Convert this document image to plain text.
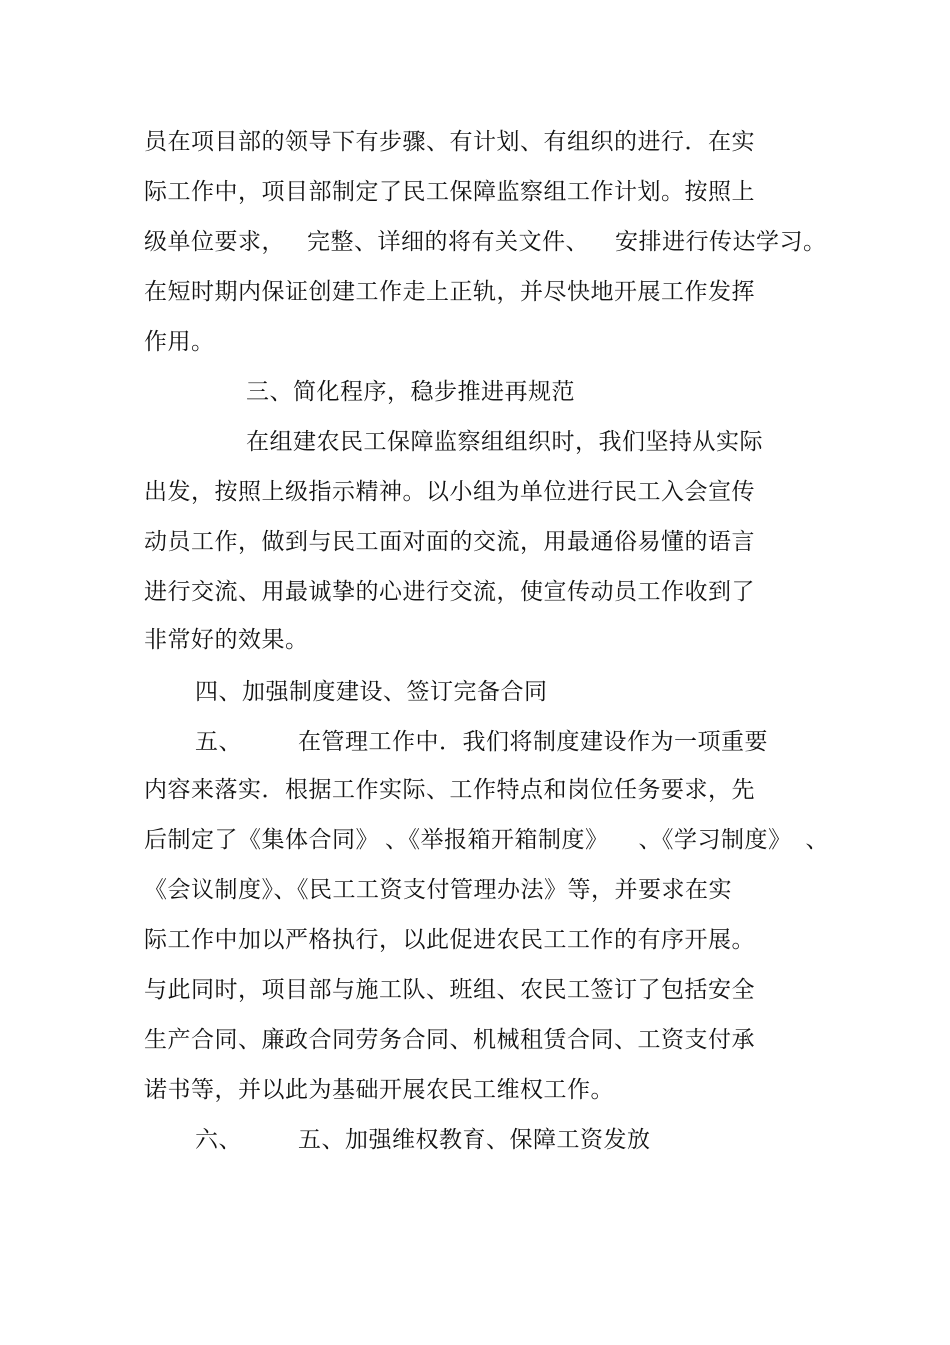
员在项目部的领导下有步骤、有计划、有组织的进行．在实
际工作中，项目部制定了民工保障监察组工作计划。按照上
级单位要求， 完整、详细的将有关文件、 安排进行传达学习。
在短时期内保证创建工作走上正轨，并尽快地开展工作发挥
作用。
三、简化程序，稳步推进再规范
在组建农民工保障监察组组织时，我们坚持从实际
出发，按照上级指示精神。以小组为单位进行民工入会宣传
动员工作，做到与民工面对面的交流，用最通俗易懂的语言
进行交流、用最诚挚的心进行交流，使宣传动员工作收到了
非常好的效果。
四、加强制度建设、签订完备合同
五、 在管理工作中．我们将制度建设作为一项重要
内容来落实．根据工作实际、工作特点和岗位任务要求，先
后制定了《集体合同》 、《举报箱开箱制度》 、《学习制度》 、
《会议制度》、《民工工资支付管理办法》等，并要求在实
际工作中加以严格执行，以此促进农民工工作的有序开展。
与此同时，项目部与施工队、班组、农民工签订了包括安全
生产合同、廉政合同劳务合同、机械租赁合同、工资支付承
诺书等，并以此为基础开展农民工维权工作。
六、 五、加强维权教育、保障工资发放
